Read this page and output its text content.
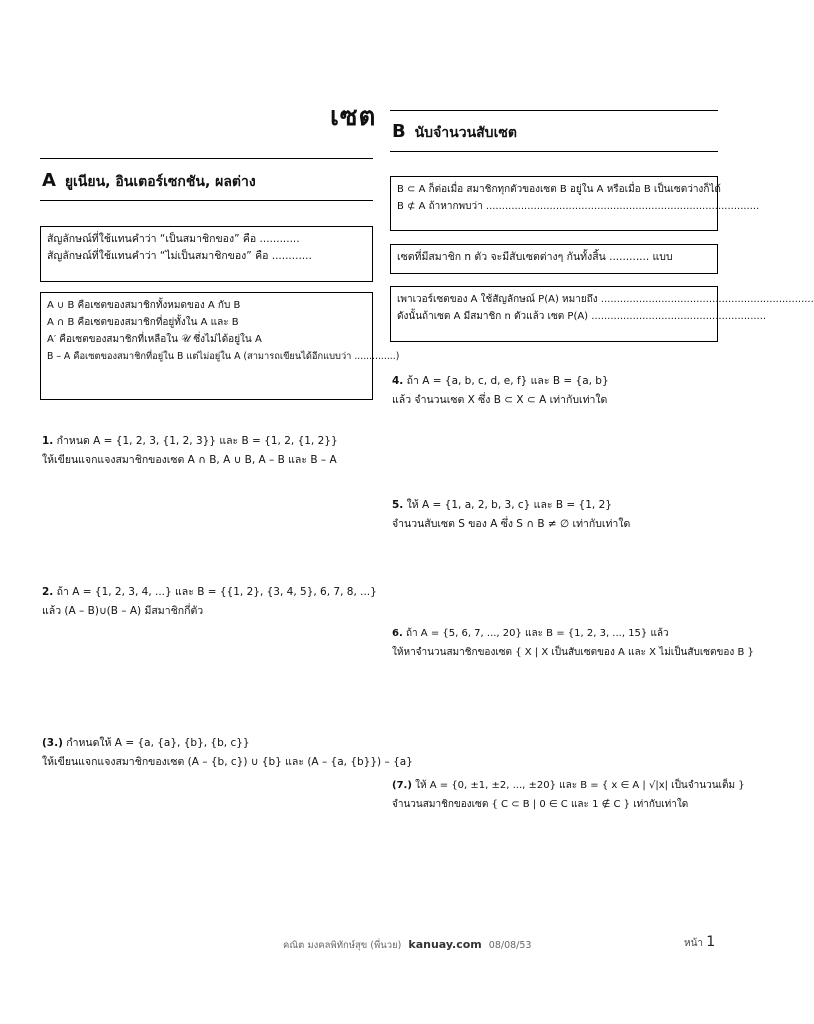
เซต
A ยูเนียน, อินเตอร์เซกชัน, ผลต่าง
สัญลักษณ์ที่ใช้แทนคำว่า “เป็นสมาชิกของ” คือ ............
สัญลักษณ์ที่ใช้แทนคำว่า “ไม่เป็นสมาชิกของ” คือ ............
A ∪ B คือเซตของสมาชิกทั้งหมดของ A กับ B
A ∩ B คือเซตของสมาชิกที่อยู่ทั้งใน A และ B
A′ คือเซตของสมาชิกที่เหลือใน 𝒰 ซึ่งไม่ได้อยู่ใน A
B – A คือเซตของสมาชิกที่อยู่ใน B แต่ไม่อยู่ใน A (สามารถเขียนได้อีกแบบว่า ..............)
B นับจำนวนสับเซต
B ⊂ A ก็ต่อเมื่อ สมาชิกทุกตัวของเซต B อยู่ใน A หรือเมื่อ B เป็นเซตว่างก็ได้
B ⊄ A ถ้าหากพบว่า ......................................................................................
เซตที่มีสมาชิก n ตัว จะมีสับเซตต่างๆ กันทั้งสิ้น ............ แบบ
เพาเวอร์เซตของ A ใช้สัญลักษณ์ P(A) หมายถึง ...................................................................
ดังนั้นถ้าเซต A มีสมาชิก n ตัวแล้ว เซต P(A) .......................................................
1. กำหนด A = {1, 2, 3, {1, 2, 3}} และ B = {1, 2, {1, 2}}
ให้เขียนแจกแจงสมาชิกของเซต A ∩ B, A ∪ B, A – B และ B – A
2. ถ้า A = {1, 2, 3, 4, ...} และ B = {{1, 2}, {3, 4, 5}, 6, 7, 8, ...}
แล้ว (A – B)∪(B – A) มีสมาชิกกี่ตัว
(3.) กำหนดให้ A = {a, {a}, {b}, {b, c}}
ให้เขียนแจกแจงสมาชิกของเซต (A – {b, c}) ∪ {b} และ (A – {a, {b}}) – {a}
4. ถ้า A = {a, b, c, d, e, f} และ B = {a, b}
แล้ว จำนวนเซต X ซึ่ง B ⊂ X ⊂ A เท่ากับเท่าใด
5. ให้ A = {1, a, 2, b, 3, c} และ B = {1, 2}
จำนวนสับเซต S ของ A ซึ่ง S ∩ B ≠ ∅ เท่ากับเท่าใด
6. ถ้า A = {5, 6, 7, ..., 20} และ B = {1, 2, 3, ..., 15} แล้ว
ให้หาจำนวนสมาชิกของเซต { X | X เป็นสับเซตของ A และ X ไม่เป็นสับเซตของ B }
(7.) ให้ A = {0, ±1, ±2, ..., ±20} และ B = { x ∈ A | √|x| เป็นจำนวนเต็ม }
จำนวนสมาชิกของเซต { C ⊂ B | 0 ∈ C และ 1 ∉ C } เท่ากับเท่าใด
คณิต มงคลพิทักษ์สุข (พี่นวย) kanuay.com 08/08/53	หน้า 1
